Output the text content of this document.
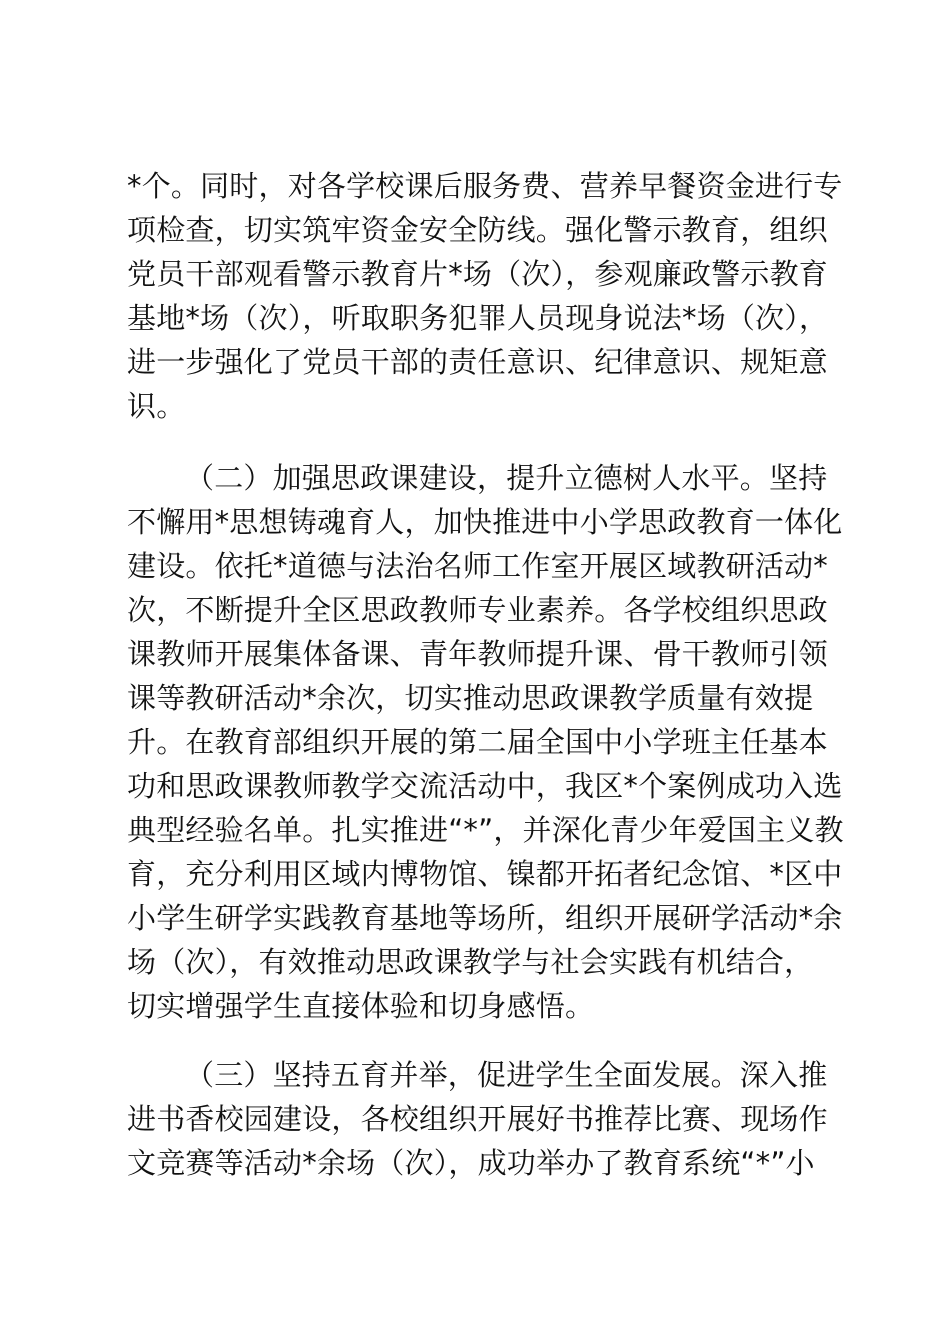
*个。同时，对各学校课后服务费、营养早餐资金进行专
项检查，切实筑牢资金安全防线。强化警示教育，组织
党员干部观看警示教育片*场（次），参观廉政警示教育
基地*场（次），听取职务犯罪人员现身说法*场（次），
进一步强化了党员干部的责任意识、纪律意识、规矩意
识。
（二）加强思政课建设，提升立德树人水平。坚持
不懈用*思想铸魂育人，加快推进中小学思政教育一体化
建设。依托*道德与法治名师工作室开展区域教研活动*
次，不断提升全区思政教师专业素养。各学校组织思政
课教师开展集体备课、青年教师提升课、骨干教师引领
课等教研活动*余次，切实推动思政课教学质量有效提
升。在教育部组织开展的第二届全国中小学班主任基本
功和思政课教师教学交流活动中，我区*个案例成功入选
典型经验名单。扎实推进“*”，并深化青少年爱国主义教
育，充分利用区域内博物馆、镍都开拓者纪念馆、*区中
小学生研学实践教育基地等场所，组织开展研学活动*余
场（次），有效推动思政课教学与社会实践有机结合，
切实增强学生直接体验和切身感悟。
（三）坚持五育并举，促进学生全面发展。深入推
进书香校园建设，各校组织开展好书推荐比赛、现场作
文竞赛等活动*余场（次），成功举办了教育系统“*”小
